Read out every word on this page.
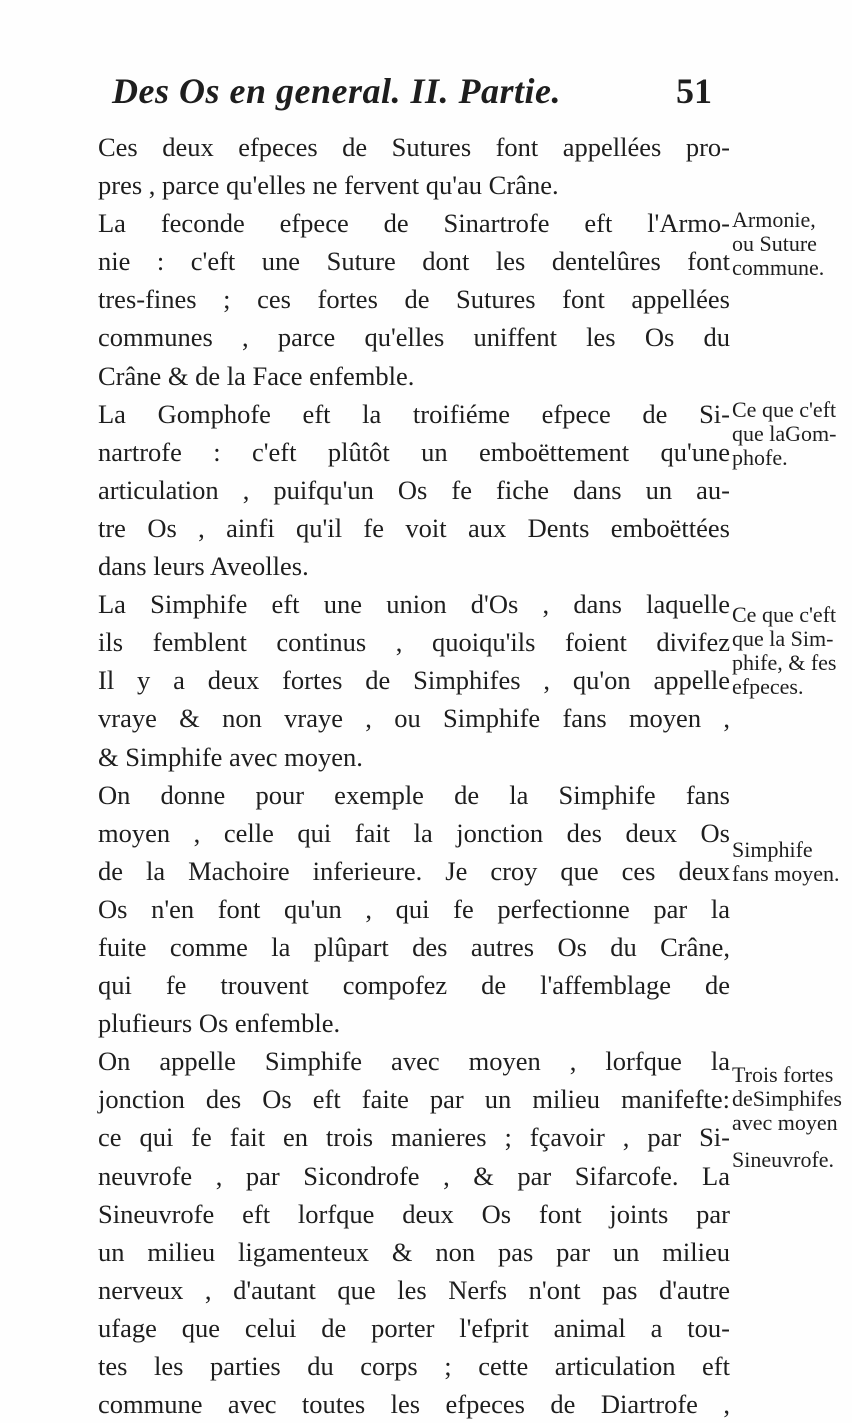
Des Os en general. II. Partie.	51
Ces deux efpeces de Sutures font appellées pro-
pres , parce qu'elles ne fervent qu'au Crâne.
La feconde efpece de Sinartrofe eft l'Armo-
nie : c'eft une Suture dont les dentelûres font
tres-fines ; ces fortes de Sutures font appellées
communes , parce qu'elles uniffent les Os du
Crâne & de la Face enfemble.
La Gomphofe eft la troifiéme efpece de Si-
nartrofe : c'eft plûtôt un emboëttement qu'une
articulation , puifqu'un Os fe fiche dans un au-
tre Os , ainfi qu'il fe voit aux Dents emboëttées
dans leurs Aveolles.
La Simphife eft une union d'Os , dans laquelle
ils femblent continus , quoiqu'ils foient divifez
Il y a deux fortes de Simphifes , qu'on appelle
vraye & non vraye , ou Simphife fans moyen ,
& Simphife avec moyen.
On donne pour exemple de la Simphife fans
moyen , celle qui fait la jonction des deux Os
de la Machoire inferieure. Je croy que ces deux
Os n'en font qu'un , qui fe perfectionne par la
fuite comme la plûpart des autres Os du Crâne,
qui fe trouvent compofez de l'affemblage de
plufieurs Os enfemble.
On appelle Simphife avec moyen , lorfque la
jonction des Os eft faite par un milieu manifefte:
ce qui fe fait en trois manieres ; fçavoir , par Si-
neuvrofe , par Sicondrofe , & par Sifarcofe. La
Sineuvrofe eft lorfque deux Os font joints par
un milieu ligamenteux & non pas par un milieu
nerveux , d'autant que les Nerfs n'ont pas d'autre
ufage que celui de porter l'efprit animal a tou-
tes les parties du corps ; cette articulation eft
commune avec toutes les efpeces de Diartrofe ,
Armonie,
ou Suture
commune.
Ce que c'eft
que laGom-
phofe.
Ce que c'eft
que la Sim-
phife, & fes
efpeces.
Simphife
fans moyen.
Trois fortes
deSimphifes
avec moyen
Sineuvrofe.
